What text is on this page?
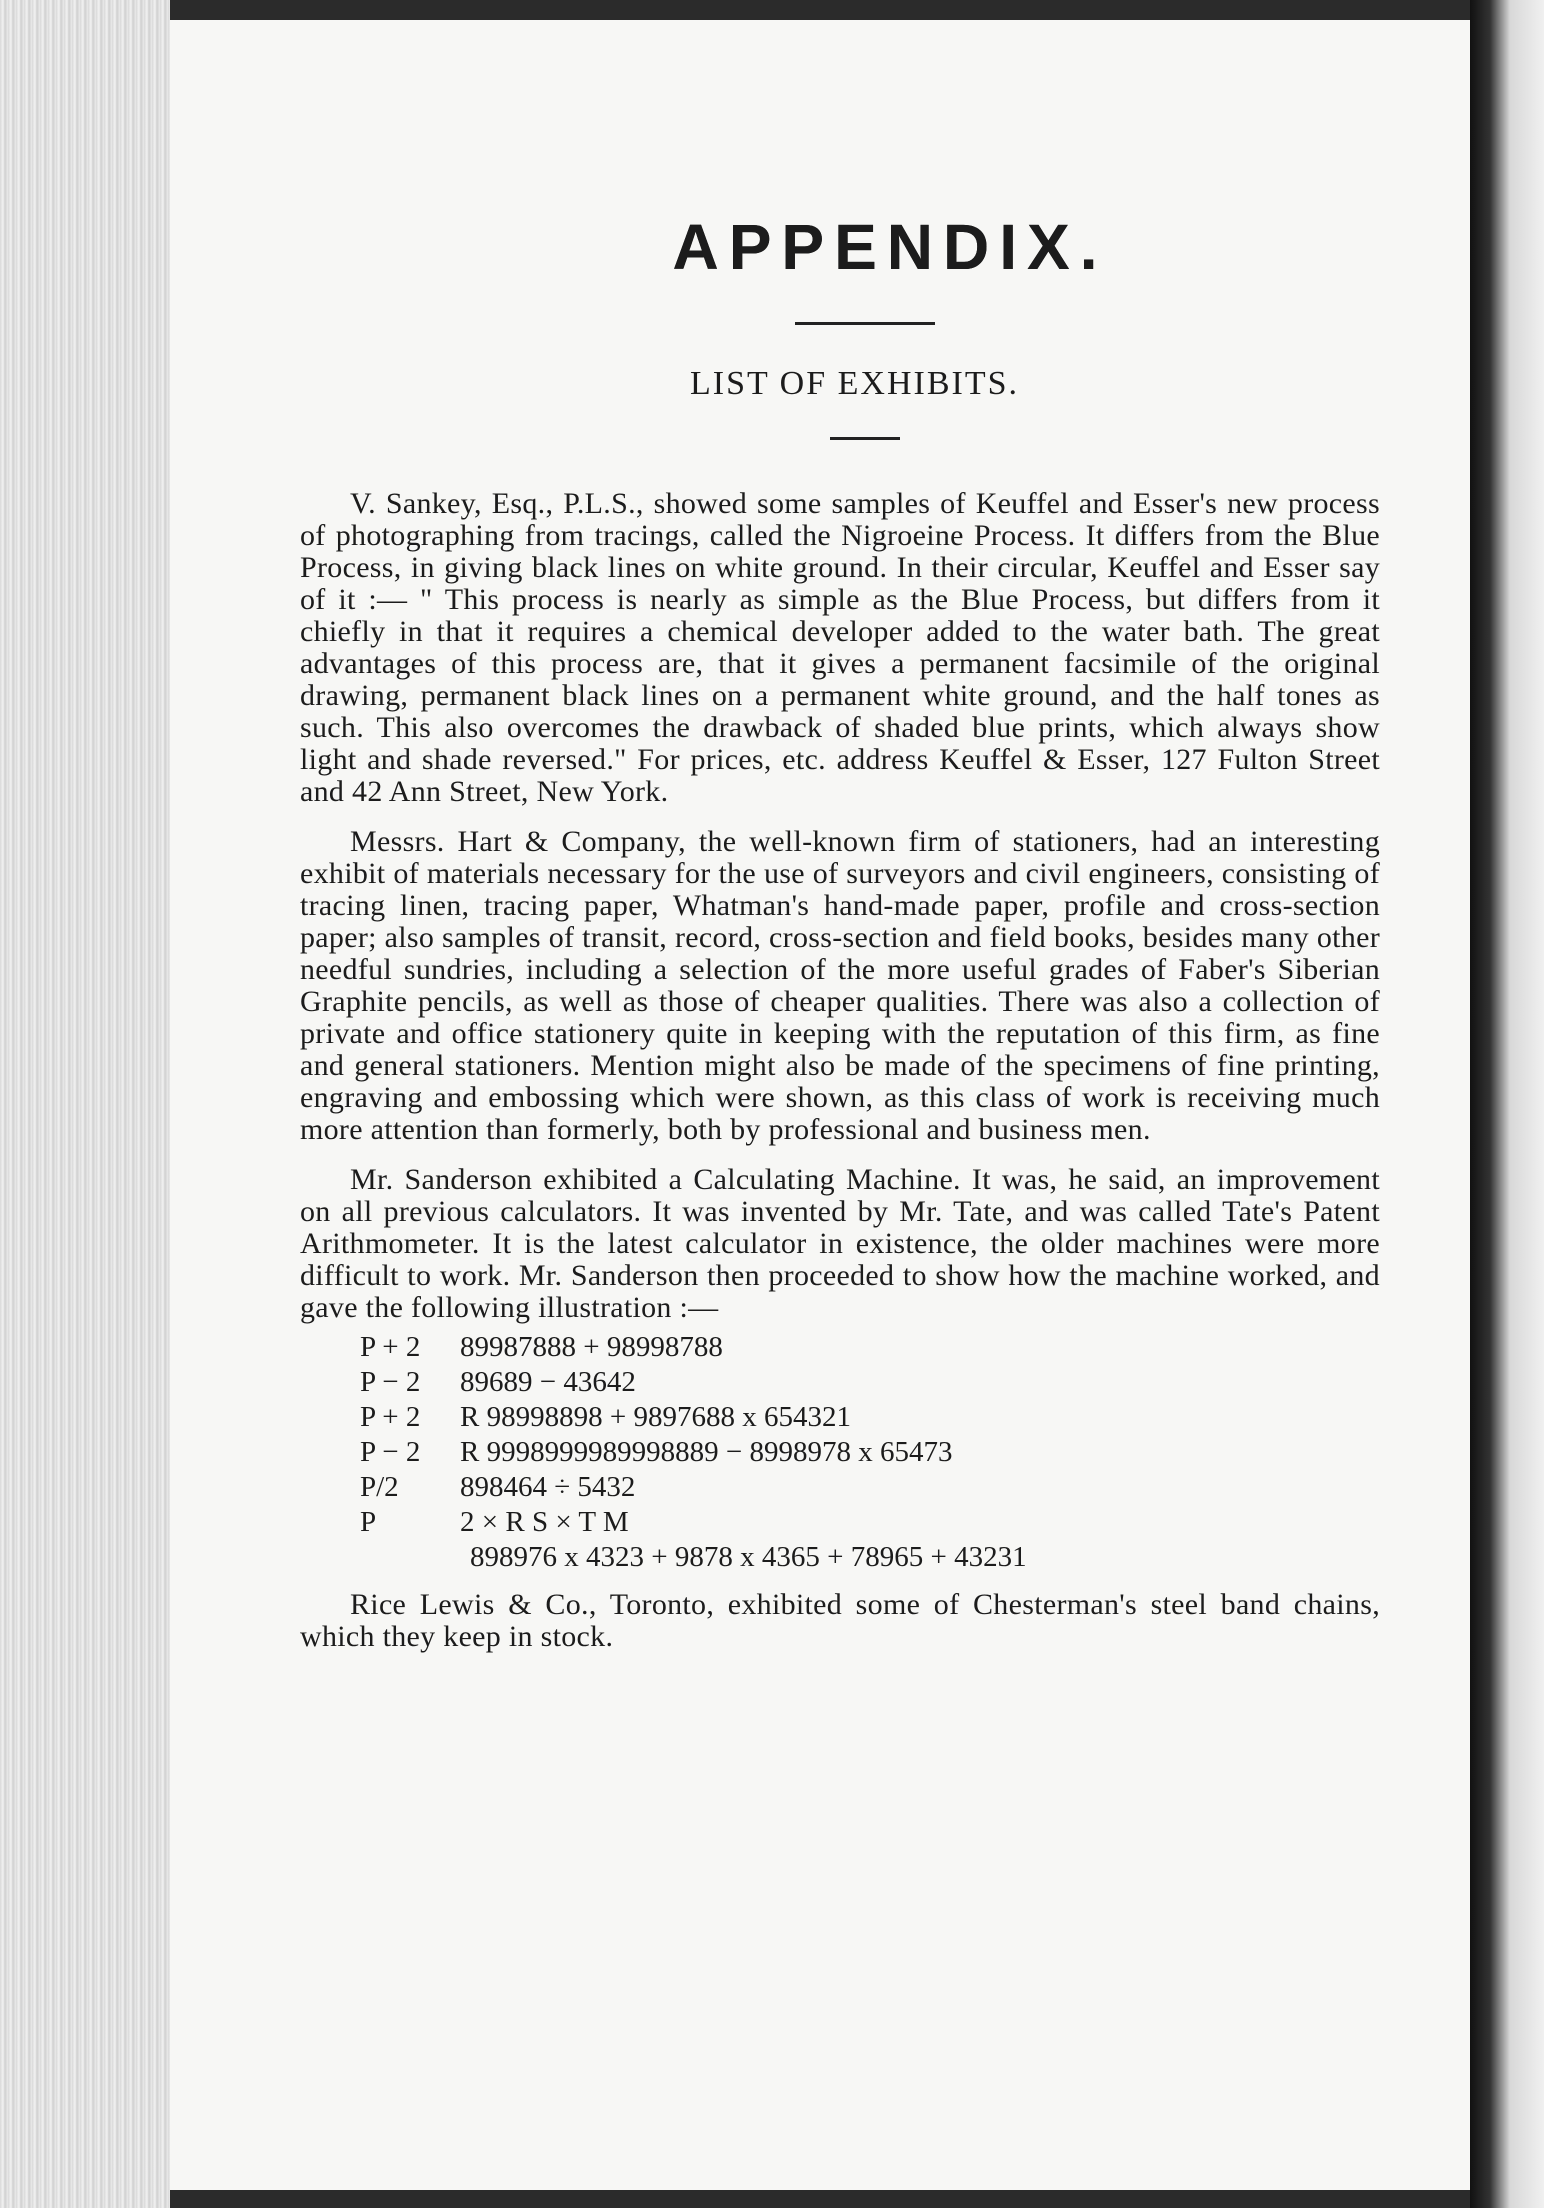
APPENDIX.
LIST OF EXHIBITS.

V. Sankey, Esq., P.L.S., showed some samples of Keuffel and Esser's new process of photographing from tracings, called the Nigroeine Process. It differs from the Blue Process, in giving black lines on white ground. In their circular, Keuffel and Esser say of it :— " This process is nearly as simple as the Blue Process, but differs from it chiefly in that it requires a chemical developer added to the water bath. The great advantages of this process are, that it gives a permanent facsimile of the original drawing, permanent black lines on a permanent white ground, and the half tones as such. This also overcomes the drawback of shaded blue prints, which always show light and shade reversed." For prices, etc. address Keuffel & Esser, 127 Fulton Street and 42 Ann Street, New York.

Messrs. Hart & Company, the well-known firm of stationers, had an interesting exhibit of materials necessary for the use of surveyors and civil engineers, consisting of tracing linen, tracing paper, Whatman's hand-made paper, profile and cross-section paper; also samples of transit, record, cross-section and field books, besides many other needful sundries, including a selection of the more useful grades of Faber's Siberian Graphite pencils, as well as those of cheaper qualities. There was also a collection of private and office stationery quite in keeping with the reputation of this firm, as fine and general stationers. Mention might also be made of the specimens of fine printing, engraving and embossing which were shown, as this class of work is receiving much more attention than formerly, both by professional and business men.

Mr. Sanderson exhibited a Calculating Machine. It was, he said, an improvement on all previous calculators. It was invented by Mr. Tate, and was called Tate's Patent Arithmometer. It is the latest calculator in existence, the older machines were more difficult to work. Mr. Sanderson then proceeded to show how the machine worked, and gave the following illustration :—

P + 2 89987888 + 98998788
P − 2 89689 − 43642
P + 2 R 98998898 + 9897688 x 654321
P − 2 R 9998999989998889 − 8998978 x 65473
P/2 898464 ÷ 5432
P	2 × R S × T M
898976 x 4323 + 9878 x 4365 + 78965 + 43231

Rice Lewis & Co., Toronto, exhibited some of Chesterman's steel band chains, which they keep in stock.
